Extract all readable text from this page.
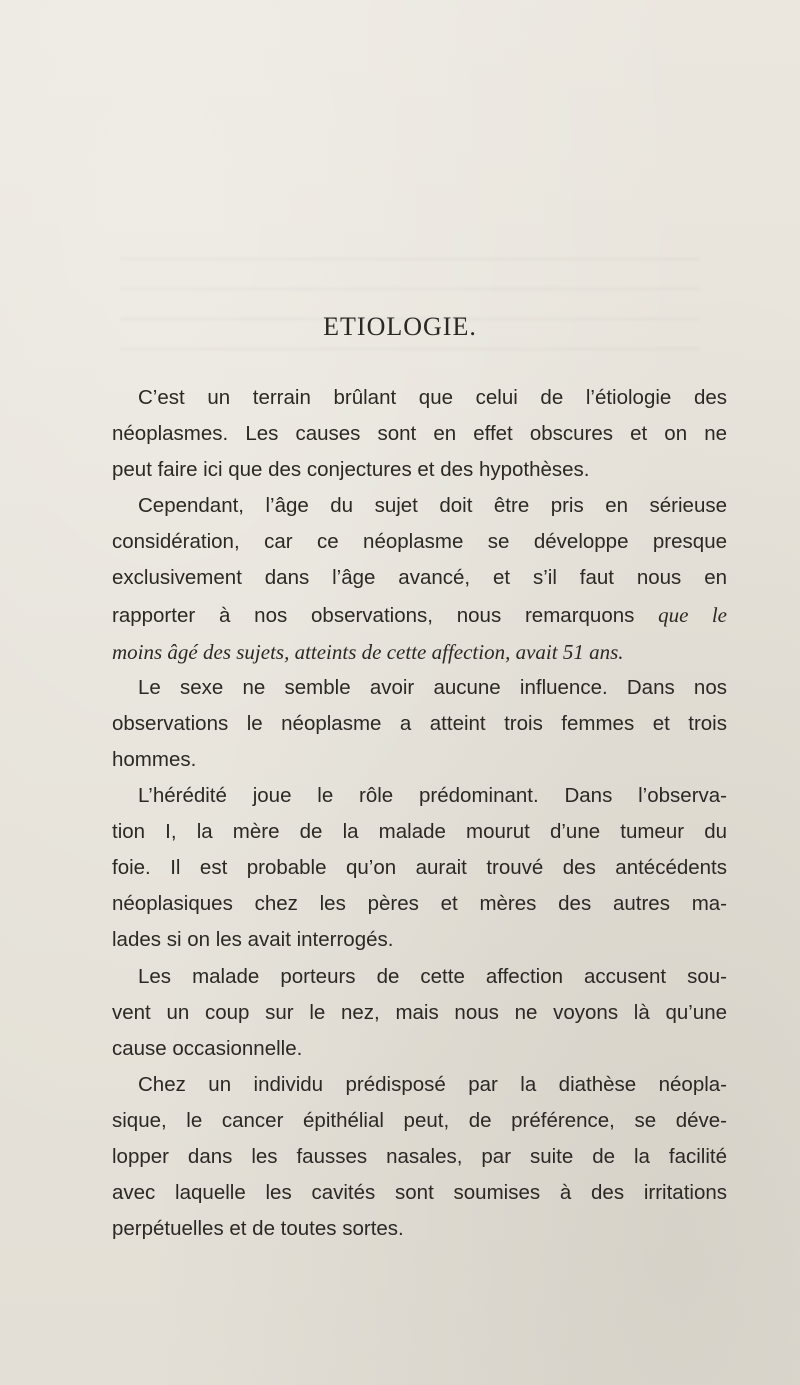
ETIOLOGIE.
C’est un terrain brûlant que celui de l’étiologie des
néoplasmes. Les causes sont en effet obscures et on ne
peut faire ici que des conjectures et des hypothèses.
Cependant, l’âge du sujet doit être pris en sérieuse
considération, car ce néoplasme se développe presque
exclusivement dans l’âge avancé, et s’il faut nous en
rapporter à nos observations, nous remarquons que le
moins âgé des sujets, atteints de cette affection, avait 51 ans.
Le sexe ne semble avoir aucune influence. Dans nos
observations le néoplasme a atteint trois femmes et trois
hommes.
L’hérédité joue le rôle prédominant. Dans l’observa-
tion I, la mère de la malade mourut d’une tumeur du
foie. Il est probable qu’on aurait trouvé des antécédents
néoplasiques chez les pères et mères des autres ma-
lades si on les avait interrogés.
Les malade porteurs de cette affection accusent sou-
vent un coup sur le nez, mais nous ne voyons là qu’une
cause occasionnelle.
Chez un individu prédisposé par la diathèse néopla-
sique, le cancer épithélial peut, de préférence, se déve-
lopper dans les fausses nasales, par suite de la facilité
avec laquelle les cavités sont soumises à des irritations
perpétuelles et de toutes sortes.
